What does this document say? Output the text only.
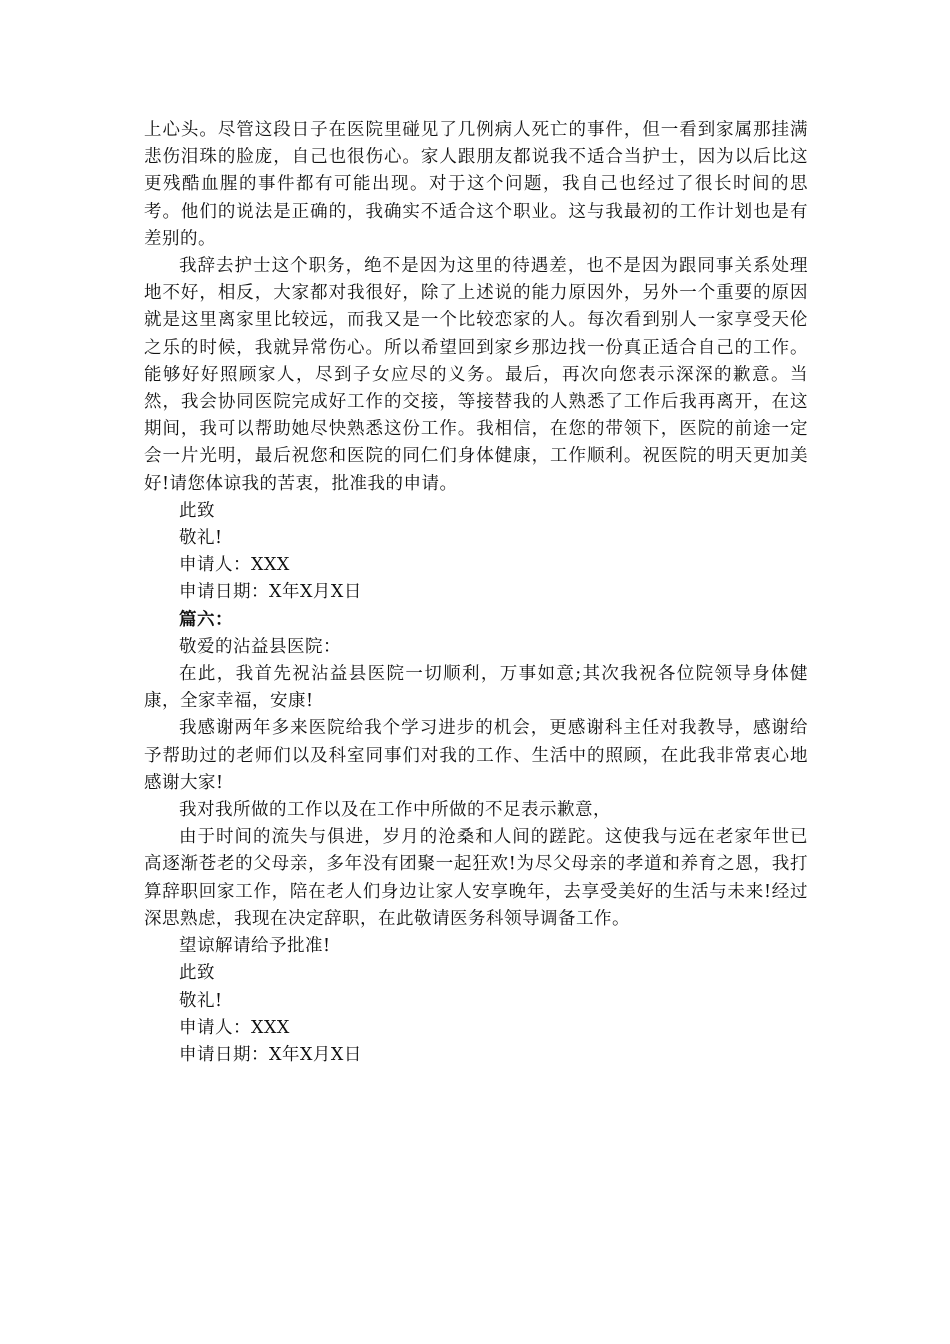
上心头。尽管这段日子在医院里碰见了几例病人死亡的事件，但一看到家属那挂满悲伤泪珠的脸庞，自己也很伤心。家人跟朋友都说我不适合当护士，因为以后比这更残酷血腥的事件都有可能出现。对于这个问题，我自己也经过了很长时间的思考。他们的说法是正确的，我确实不适合这个职业。这与我最初的工作计划也是有差别的。

我辞去护士这个职务，绝不是因为这里的待遇差，也不是因为跟同事关系处理地不好，相反，大家都对我很好，除了上述说的能力原因外，另外一个重要的原因就是这里离家里比较远，而我又是一个比较恋家的人。每次看到别人一家享受天伦之乐的时候，我就异常伤心。所以希望回到家乡那边找一份真正适合自己的工作。能够好好照顾家人，尽到子女应尽的义务。最后，再次向您表示深深的歉意。当然，我会协同医院完成好工作的交接，等接替我的人熟悉了工作后我再离开，在这期间，我可以帮助她尽快熟悉这份工作。我相信，在您的带领下，医院的前途一定会一片光明，最后祝您和医院的同仁们身体健康，工作顺利。祝医院的明天更加美好!请您体谅我的苦衷，批准我的申请。

此致

敬礼!

申请人：XXX

申请日期：X年X月X日

篇六：

敬爱的沾益县医院：

在此，我首先祝沾益县医院一切顺利，万事如意;其次我祝各位院领导身体健康，全家幸福，安康!

我感谢两年多来医院给我个学习进步的机会，更感谢科主任对我教导，感谢给予帮助过的老师们以及科室同事们对我的工作、生活中的照顾，在此我非常衷心地感谢大家!

我对我所做的工作以及在工作中所做的不足表示歉意，

由于时间的流失与俱进，岁月的沧桑和人间的蹉跎。这使我与远在老家年世已高逐渐苍老的父母亲，多年没有团聚一起狂欢!为尽父母亲的孝道和养育之恩，我打算辞职回家工作，陪在老人们身边让家人安享晚年，去享受美好的生活与未来!经过深思熟虑，我现在决定辞职，在此敬请医务科领导调备工作。

望谅解请给予批准!

此致

敬礼!

申请人：XXX

申请日期：X年X月X日
